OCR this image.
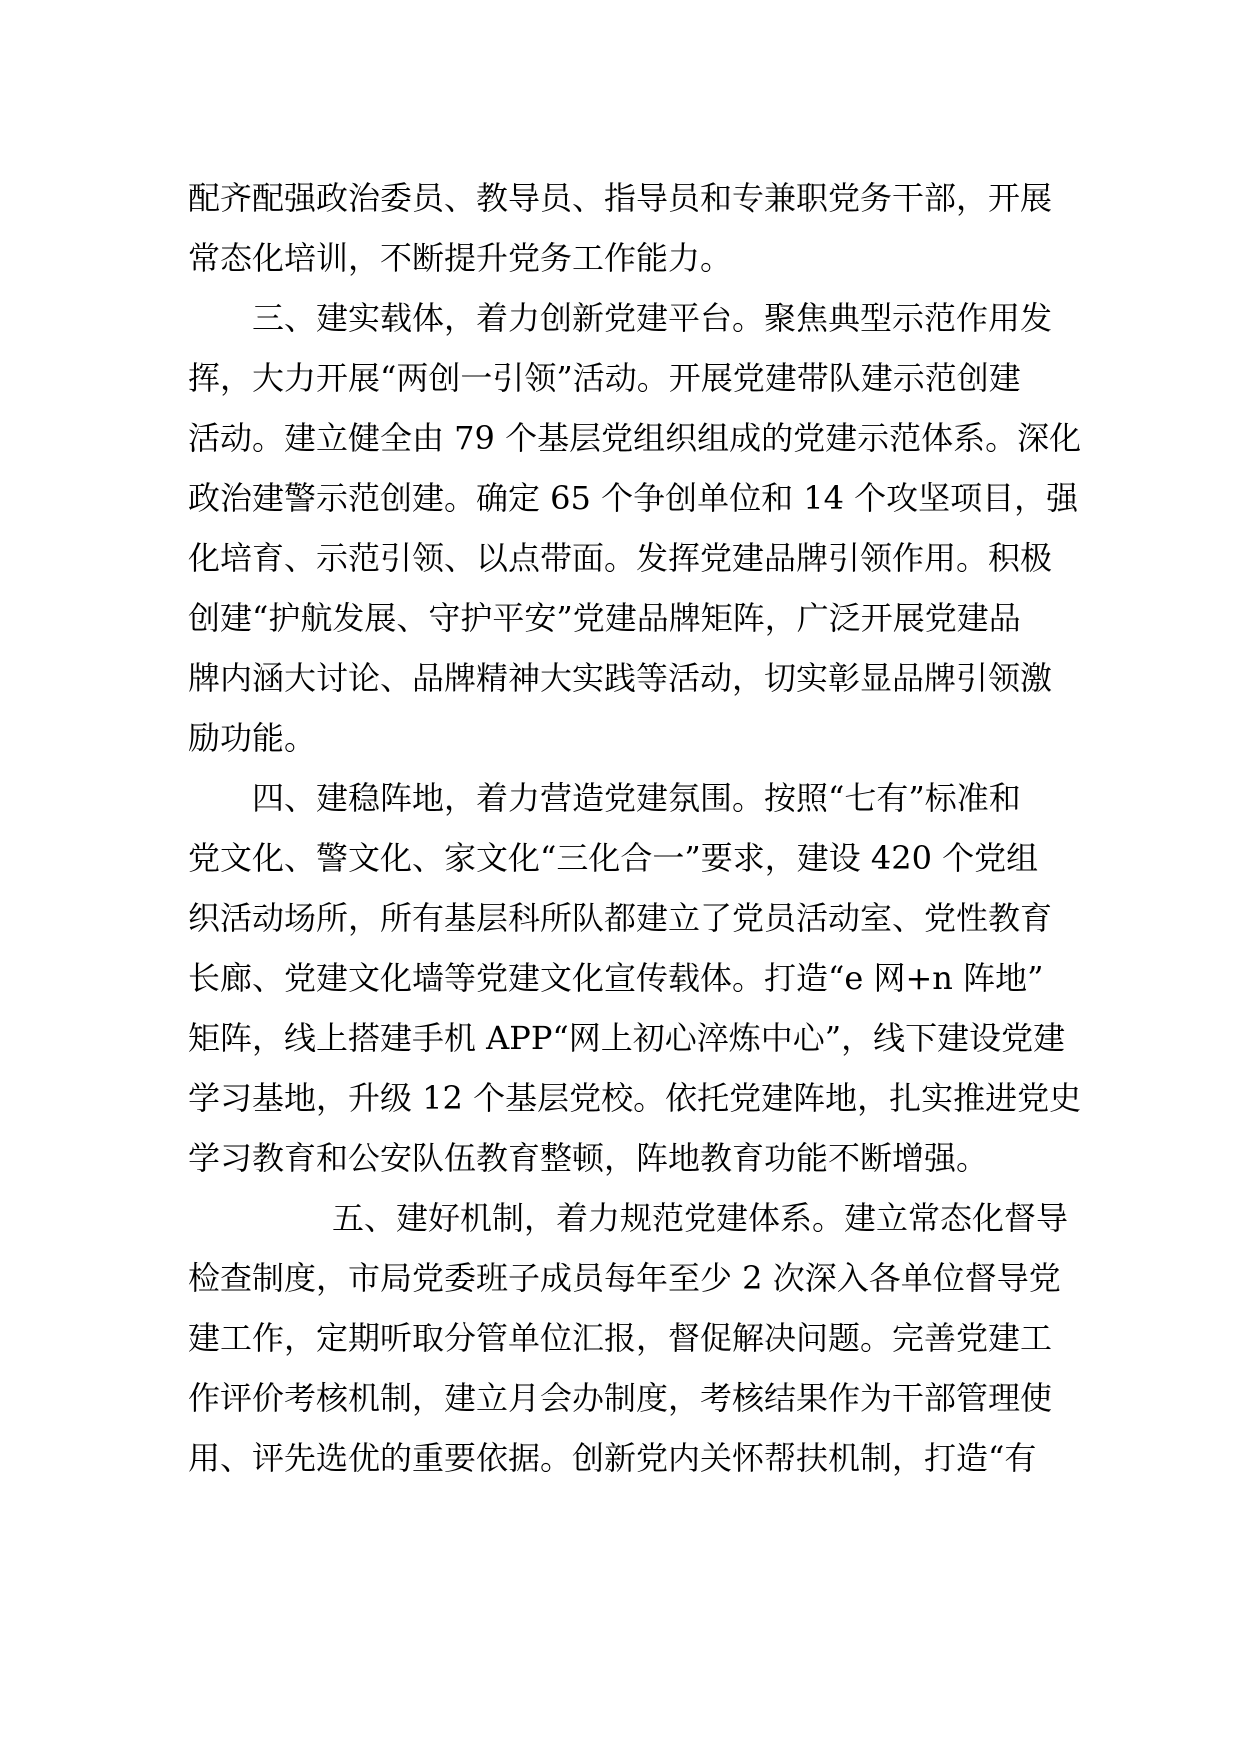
配齐配强政治委员、教导员、指导员和专兼职党务干部，开展
常态化培训，不断提升党务工作能力。
三、建实载体，着力创新党建平台。聚焦典型示范作用发
挥，大力开展“两创一引领”活动。开展党建带队建示范创建
活动。建立健全由 79 个基层党组织组成的党建示范体系。深化
政治建警示范创建。确定 65 个争创单位和 14 个攻坚项目，强
化培育、示范引领、以点带面。发挥党建品牌引领作用。积极
创建“护航发展、守护平安”党建品牌矩阵，广泛开展党建品
牌内涵大讨论、品牌精神大实践等活动，切实彰显品牌引领激
励功能。
四、建稳阵地，着力营造党建氛围。按照“七有”标准和
党文化、警文化、家文化“三化合一”要求，建设 420 个党组
织活动场所，所有基层科所队都建立了党员活动室、党性教育
长廊、党建文化墙等党建文化宣传载体。打造“e 网+n 阵地”
矩阵，线上搭建手机 APP“网上初心淬炼中心”，线下建设党建
学习基地，升级 12 个基层党校。依托党建阵地，扎实推进党史
学习教育和公安队伍教育整顿，阵地教育功能不断增强。
五、建好机制，着力规范党建体系。建立常态化督导
检查制度，市局党委班子成员每年至少 2 次深入各单位督导党
建工作，定期听取分管单位汇报，督促解决问题。完善党建工
作评价考核机制，建立月会办制度，考核结果作为干部管理使
用、评先选优的重要依据。创新党内关怀帮扶机制，打造“有
